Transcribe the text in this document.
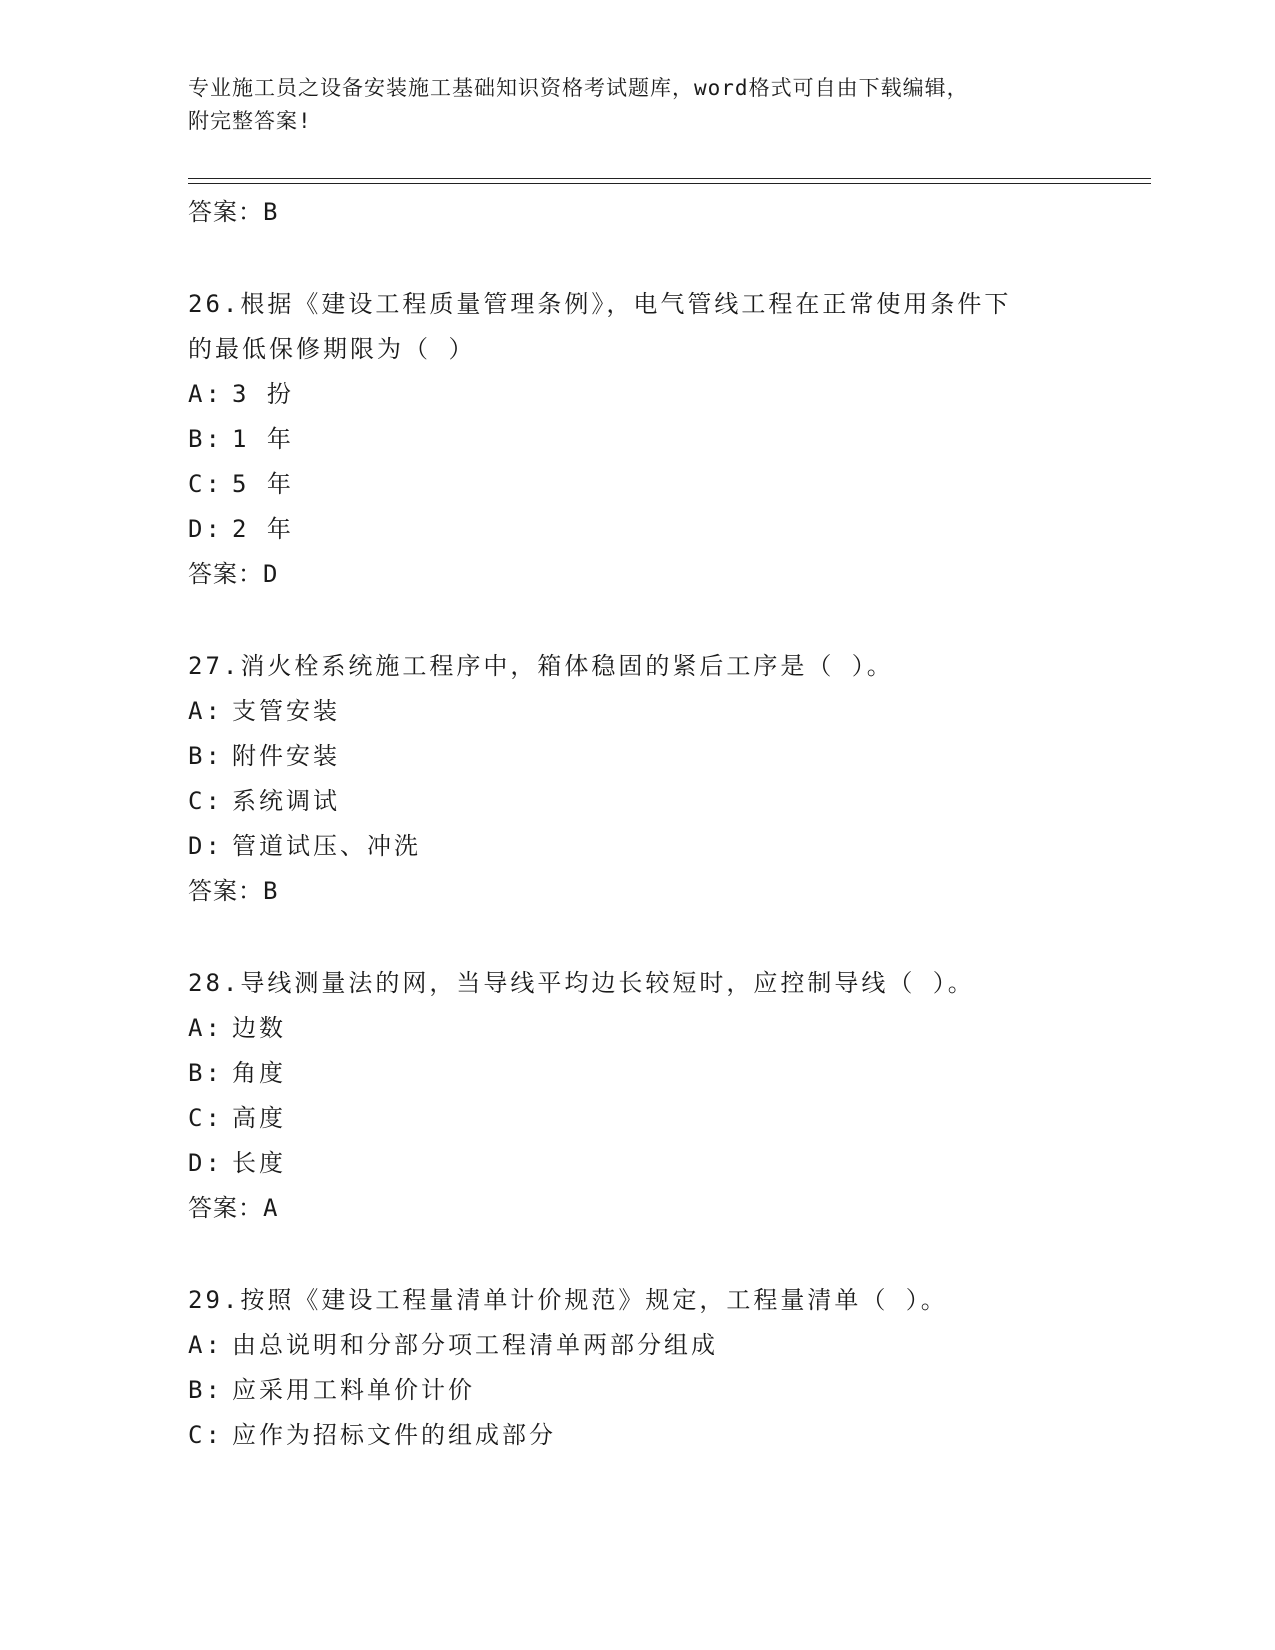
专业施工员之设备安装施工基础知识资格考试题库，word格式可自由下载编辑，
附完整答案!
答案：B
26.根据《建设工程质量管理条例》，电气管线工程在正常使用条件下
的最低保修期限为（ ）
A: 3 扮
B: 1 年
C: 5 年
D: 2 年
答案：D
27.消火栓系统施工程序中，箱体稳固的紧后工序是（ ）。
A: 支管安装
B: 附件安装
C: 系统调试
D: 管道试压、冲洗
答案：B
28.导线测量法的网，当导线平均边长较短时，应控制导线（ ）。
A: 边数
B: 角度
C: 高度
D: 长度
答案：A
29.按照《建设工程量清单计价规范》规定，工程量清单（ ）。
A: 由总说明和分部分项工程清单两部分组成
B: 应采用工料单价计价
C: 应作为招标文件的组成部分
